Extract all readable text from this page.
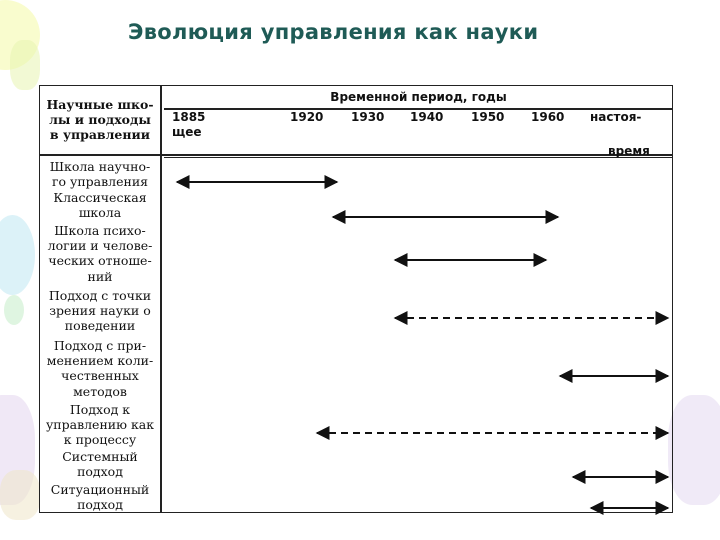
Эволюция управления как науки
Научные шко-
лы и подходы
в управлении
Временной период, годы
1885
щее
1920 1930 1940 1950 1960 настоя-
время
Школа научно-
го управления
Классическая
школа
Школа психо-
логии и челове-
ческих отноше-
ний
Подход с точки
зрения науки о
поведении
Подход с при-
менением коли-
чественных
методов
Подход к
управлению как
к процессу
Системный
подход
Ситуационный
подход
